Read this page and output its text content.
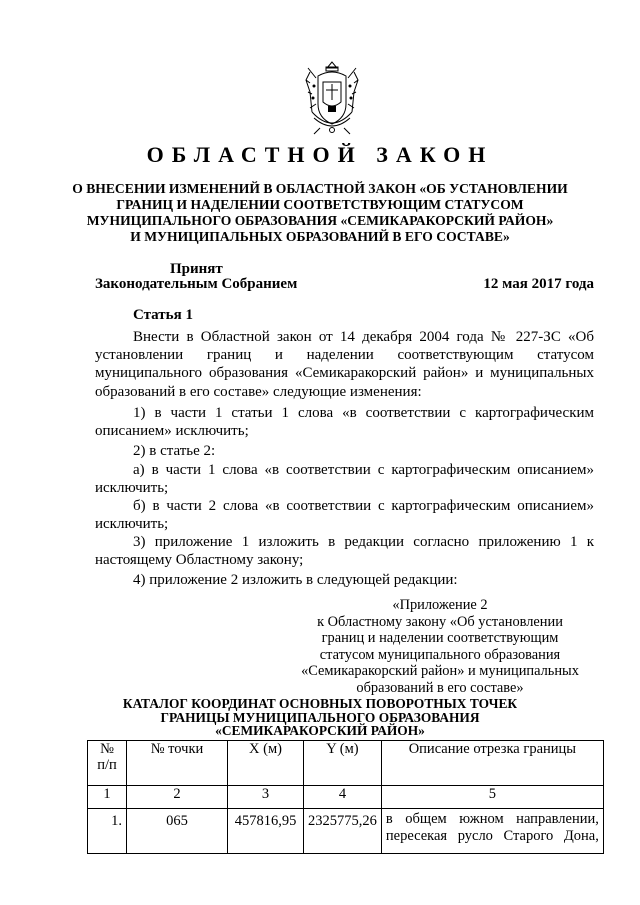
ОБЛАСТНОЙ ЗАКОН
О ВНЕСЕНИИ ИЗМЕНЕНИЙ В ОБЛАСТНОЙ ЗАКОН «ОБ УСТАНОВЛЕНИИ
ГРАНИЦ И НАДЕЛЕНИИ СООТВЕТСТВУЮЩИМ СТАТУСОМ
МУНИЦИПАЛЬНОГО ОБРАЗОВАНИЯ «СЕМИКАРАКОРСКИЙ РАЙОН»
И МУНИЦИПАЛЬНЫХ ОБРАЗОВАНИЙ В ЕГО СОСТАВЕ»
Принят
Законодательным Собранием	12 мая 2017 года
Статья 1
Внести в Областной закон от 14 декабря 2004 года № 227-ЗС «Об установлении границ и наделении соответствующим статусом муниципального образования «Семикаракорский район» и муниципальных образований в его составе» следующие изменения:
1) в части 1 статьи 1 слова «в соответствии с картографическим описанием» исключить;
2) в статье 2:
а) в части 1 слова «в соответствии с картографическим описанием» исключить;
б) в части 2 слова «в соответствии с картографическим описанием» исключить;
3) приложение 1 изложить в редакции согласно приложению 1 к настоящему Областному закону;
4) приложение 2 изложить в следующей редакции:
«Приложение 2
к Областному закону «Об установлении
границ и наделении соответствующим
статусом муниципального образования
«Семикаракорский район» и муниципальных
образований в его составе»
КАТАЛОГ КООРДИНАТ ОСНОВНЫХ ПОВОРОТНЫХ ТОЧЕК
ГРАНИЦЫ МУНИЦИПАЛЬНОГО ОБРАЗОВАНИЯ
«СЕМИКАРАКОРСКИЙ РАЙОН»
№
п/п	№ точки	X (м)	Y (м)	Описание отрезка границы
1	2	3	4	5
1.	065	457816,95	2325775,26	в общем южном направлении, пересекая русло Старого Дона,
